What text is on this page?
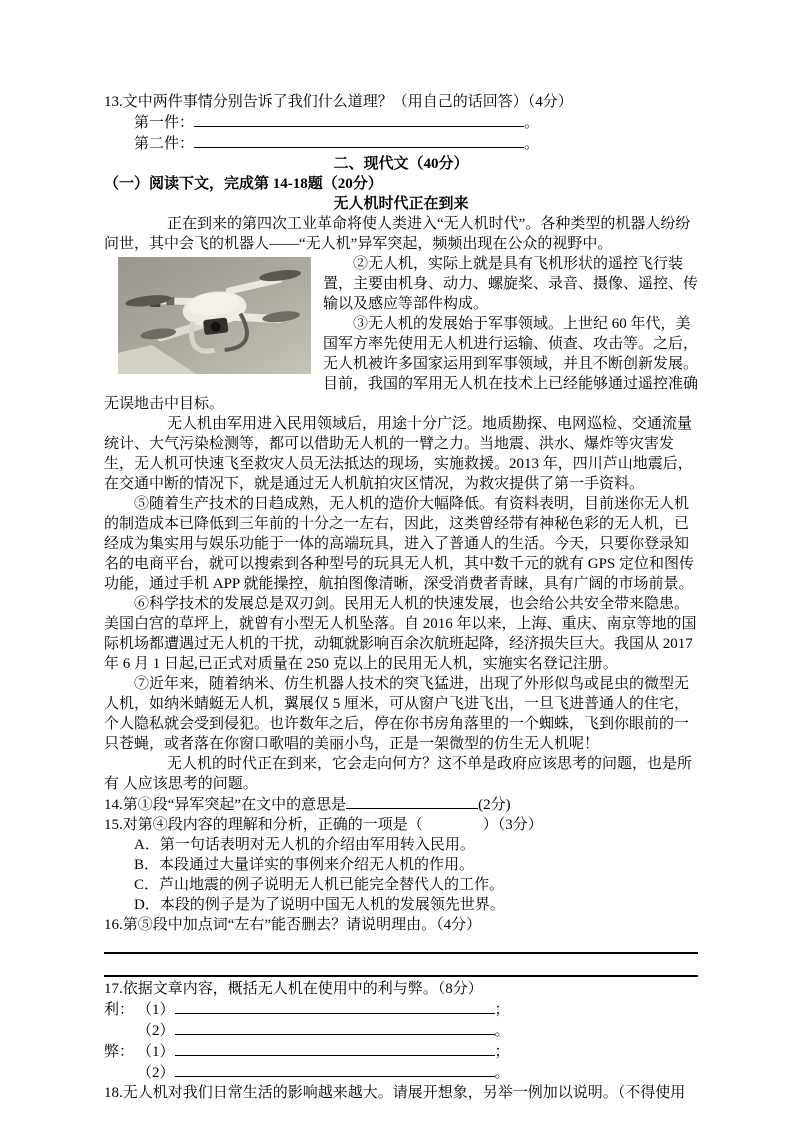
13.文中两件事情分别告诉了我们什么道理？（用自己的话回答）（4分）

第一件：	。

第二件：	。

二、现代文（40分）

（一）阅读下文，完成第 14-18题（20分）

无人机时代正在到来

正在到来的第四次工业革命将使人类进入“无人机时代”。各种类型的机器人纷纷问世，其中会飞的机器人——“无人机”异军突起，频频出现在公众的视野中。

②无人机，实际上就是具有飞机形状的遥控飞行装置，主要由机身、动力、螺旋桨、录音、摄像、遥控、传输以及感应等部件构成。

③无人机的发展始于军事领域。上世纪 60 年代，美国军方率先使用无人机进行运输、侦查、攻击等。之后，无人机被许多国家运用到军事领域，并且不断创新发展。目前，我国的军用无人机在技术上已经能够通过遥控准确无误地击中目标。

无人机由军用进入民用领域后，用途十分广泛。地质勘探、电网巡检、交通流量统计、大气污染检测等，都可以借助无人机的一臂之力。当地震、洪水、爆炸等灾害发生，无人机可快速飞至救灾人员无法抵达的现场，实施救援。2013 年，四川芦山地震后，在交通中断的情况下，就是通过无人机航拍灾区情况，为救灾提供了第一手资料。

⑤随着生产技术的日趋成熟，无人机的造价大幅降低。有资料表明，目前迷你无人机的制造成本已降低到三年前的十分之一左右，因此，这类曾经带有神秘色彩的无人机，已经成为集实用与娱乐功能于一体的高端玩具，进入了普通人的生活。今天，只要你登录知名的电商平台，就可以搜索到各种型号的玩具无人机，其中数千元的就有 GPS 定位和图传功能，通过手机 APP 就能操控，航拍图像清晰，深受消费者青睐，具有广阔的市场前景。

⑥科学技术的发展总是双刃剑。民用无人机的快速发展，也会给公共安全带来隐患。美国白宫的草坪上，就曾有小型无人机坠落。自 2016 年以来，上海、重庆、南京等地的国际机场都遭遇过无人机的干扰，动辄就影响百余次航班起降，经济损失巨大。我国从 2017年 6 月 1 日起,已正式对质量在 250 克以上的民用无人机，实施实名登记注册。

⑦近年来，随着纳米、仿生机器人技术的突飞猛进，出现了外形似鸟或昆虫的微型无人机，如纳米蜻蜓无人机，翼展仅 5 厘米，可从窗户飞进飞出，一旦飞进普通人的住宅，个人隐私就会受到侵犯。也许数年之后，停在你书房角落里的一个蜘蛛，飞到你眼前的一只苍蝇，或者落在你窗口歌唱的美丽小鸟，正是一架微型的仿生无人机呢！

无人机的时代正在到来，它会走向何方？这不单是政府应该思考的问题，也是所有 人应该思考的问题。

14.第①段“异军突起”在文中的意思是	(2分)

15.对第④段内容的理解和分析，正确的一项是（　　　　）（3分）

A．第一句话表明对无人机的介绍由军用转入民用。

B．本段通过大量详实的事例来介绍无人机的作用。

C．芦山地震的例子说明无人机已能完全替代人的工作。

D．本段的例子是为了说明中国无人机的发展领先世界。

16.第⑤段中加点词“左右”能否删去？请说明理由。（4分）

17.依据文章内容，概括无人机在使用中的利与弊。（8分）

利： （1）	；

（2）	。

弊： （1）	；

（2）	。

18.无人机对我们日常生活的影响越来越大。请展开想象，另举一例加以说明。（不得使用
